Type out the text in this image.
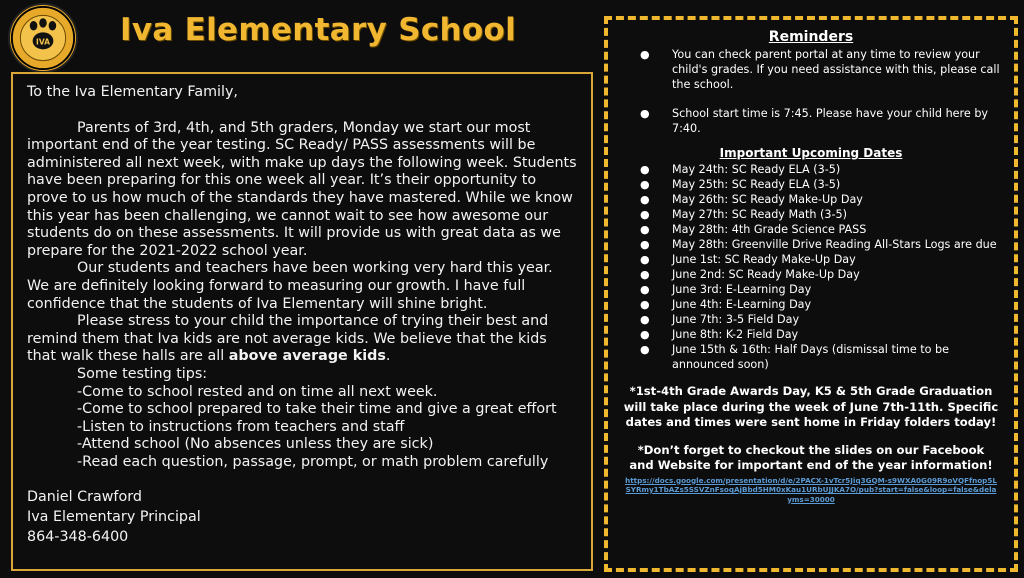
IVA Iva Elementary School

To the Iva Elementary Family,

Parents of 3rd, 4th, and 5th graders, Monday we start our most important end of the year testing. SC Ready/ PASS assessments will be administered all next week, with make up days the following week. Students have been preparing for this one week all year. It’s their opportunity to prove to us how much of the standards they have mastered. While we know this year has been challenging, we cannot wait to see how awesome our students do on these assessments. It will provide us with great data as we prepare for the 2021-2022 school year.

Our students and teachers have been working very hard this year. We are definitely looking forward to measuring our growth. I have full confidence that the students of Iva Elementary will shine bright.

Please stress to your child the importance of trying their best and remind them that Iva kids are not average kids. We believe that the kids that walk these halls are all above average kids.

Some testing tips:
-Come to school rested and on time all next week.
-Come to school prepared to take their time and give a great effort
-Listen to instructions from teachers and staff
-Attend school (No absences unless they are sick)
-Read each question, passage, prompt, or math problem carefully
Daniel Crawford
Iva Elementary Principal
864-348-6400
Reminders
● You can check parent portal at any time to review your child's grades. If you need assistance with this, please call the school.
● School start time is 7:45. Please have your child here by 7:40.
Important Upcoming Dates
● May 24th: SC Ready ELA (3-5)
● May 25th: SC Ready ELA (3-5)
● May 26th: SC Ready Make-Up Day
● May 27th: SC Ready Math (3-5)
● May 28th: 4th Grade Science PASS
● May 28th: Greenville Drive Reading All-Stars Logs are due
● June 1st: SC Ready Make-Up Day
● June 2nd: SC Ready Make-Up Day
● June 3rd: E-Learning Day
● June 4th: E-Learning Day
● June 7th: 3-5 Field Day
● June 8th: K-2 Field Day
● June 15th & 16th: Half Days (dismissal time to be announced soon)
*1st-4th Grade Awards Day, K5 & 5th Grade Graduation will take place during the week of June 7th-11th. Specific dates and times were sent home in Friday folders today!
*Don’t forget to checkout the slides on our Facebook and Website for important end of the year information!
https://docs.google.com/presentation/d/e/2PACX-1vTcr5Jiq3GQM-s9WXA0G09R9oVQFfnop5LSYRmy1TbAZs5SSVZnFsoqAjBbd5HM0xKau1URbUJJKA7O/pub?start=false&loop=false&delayms=30000
